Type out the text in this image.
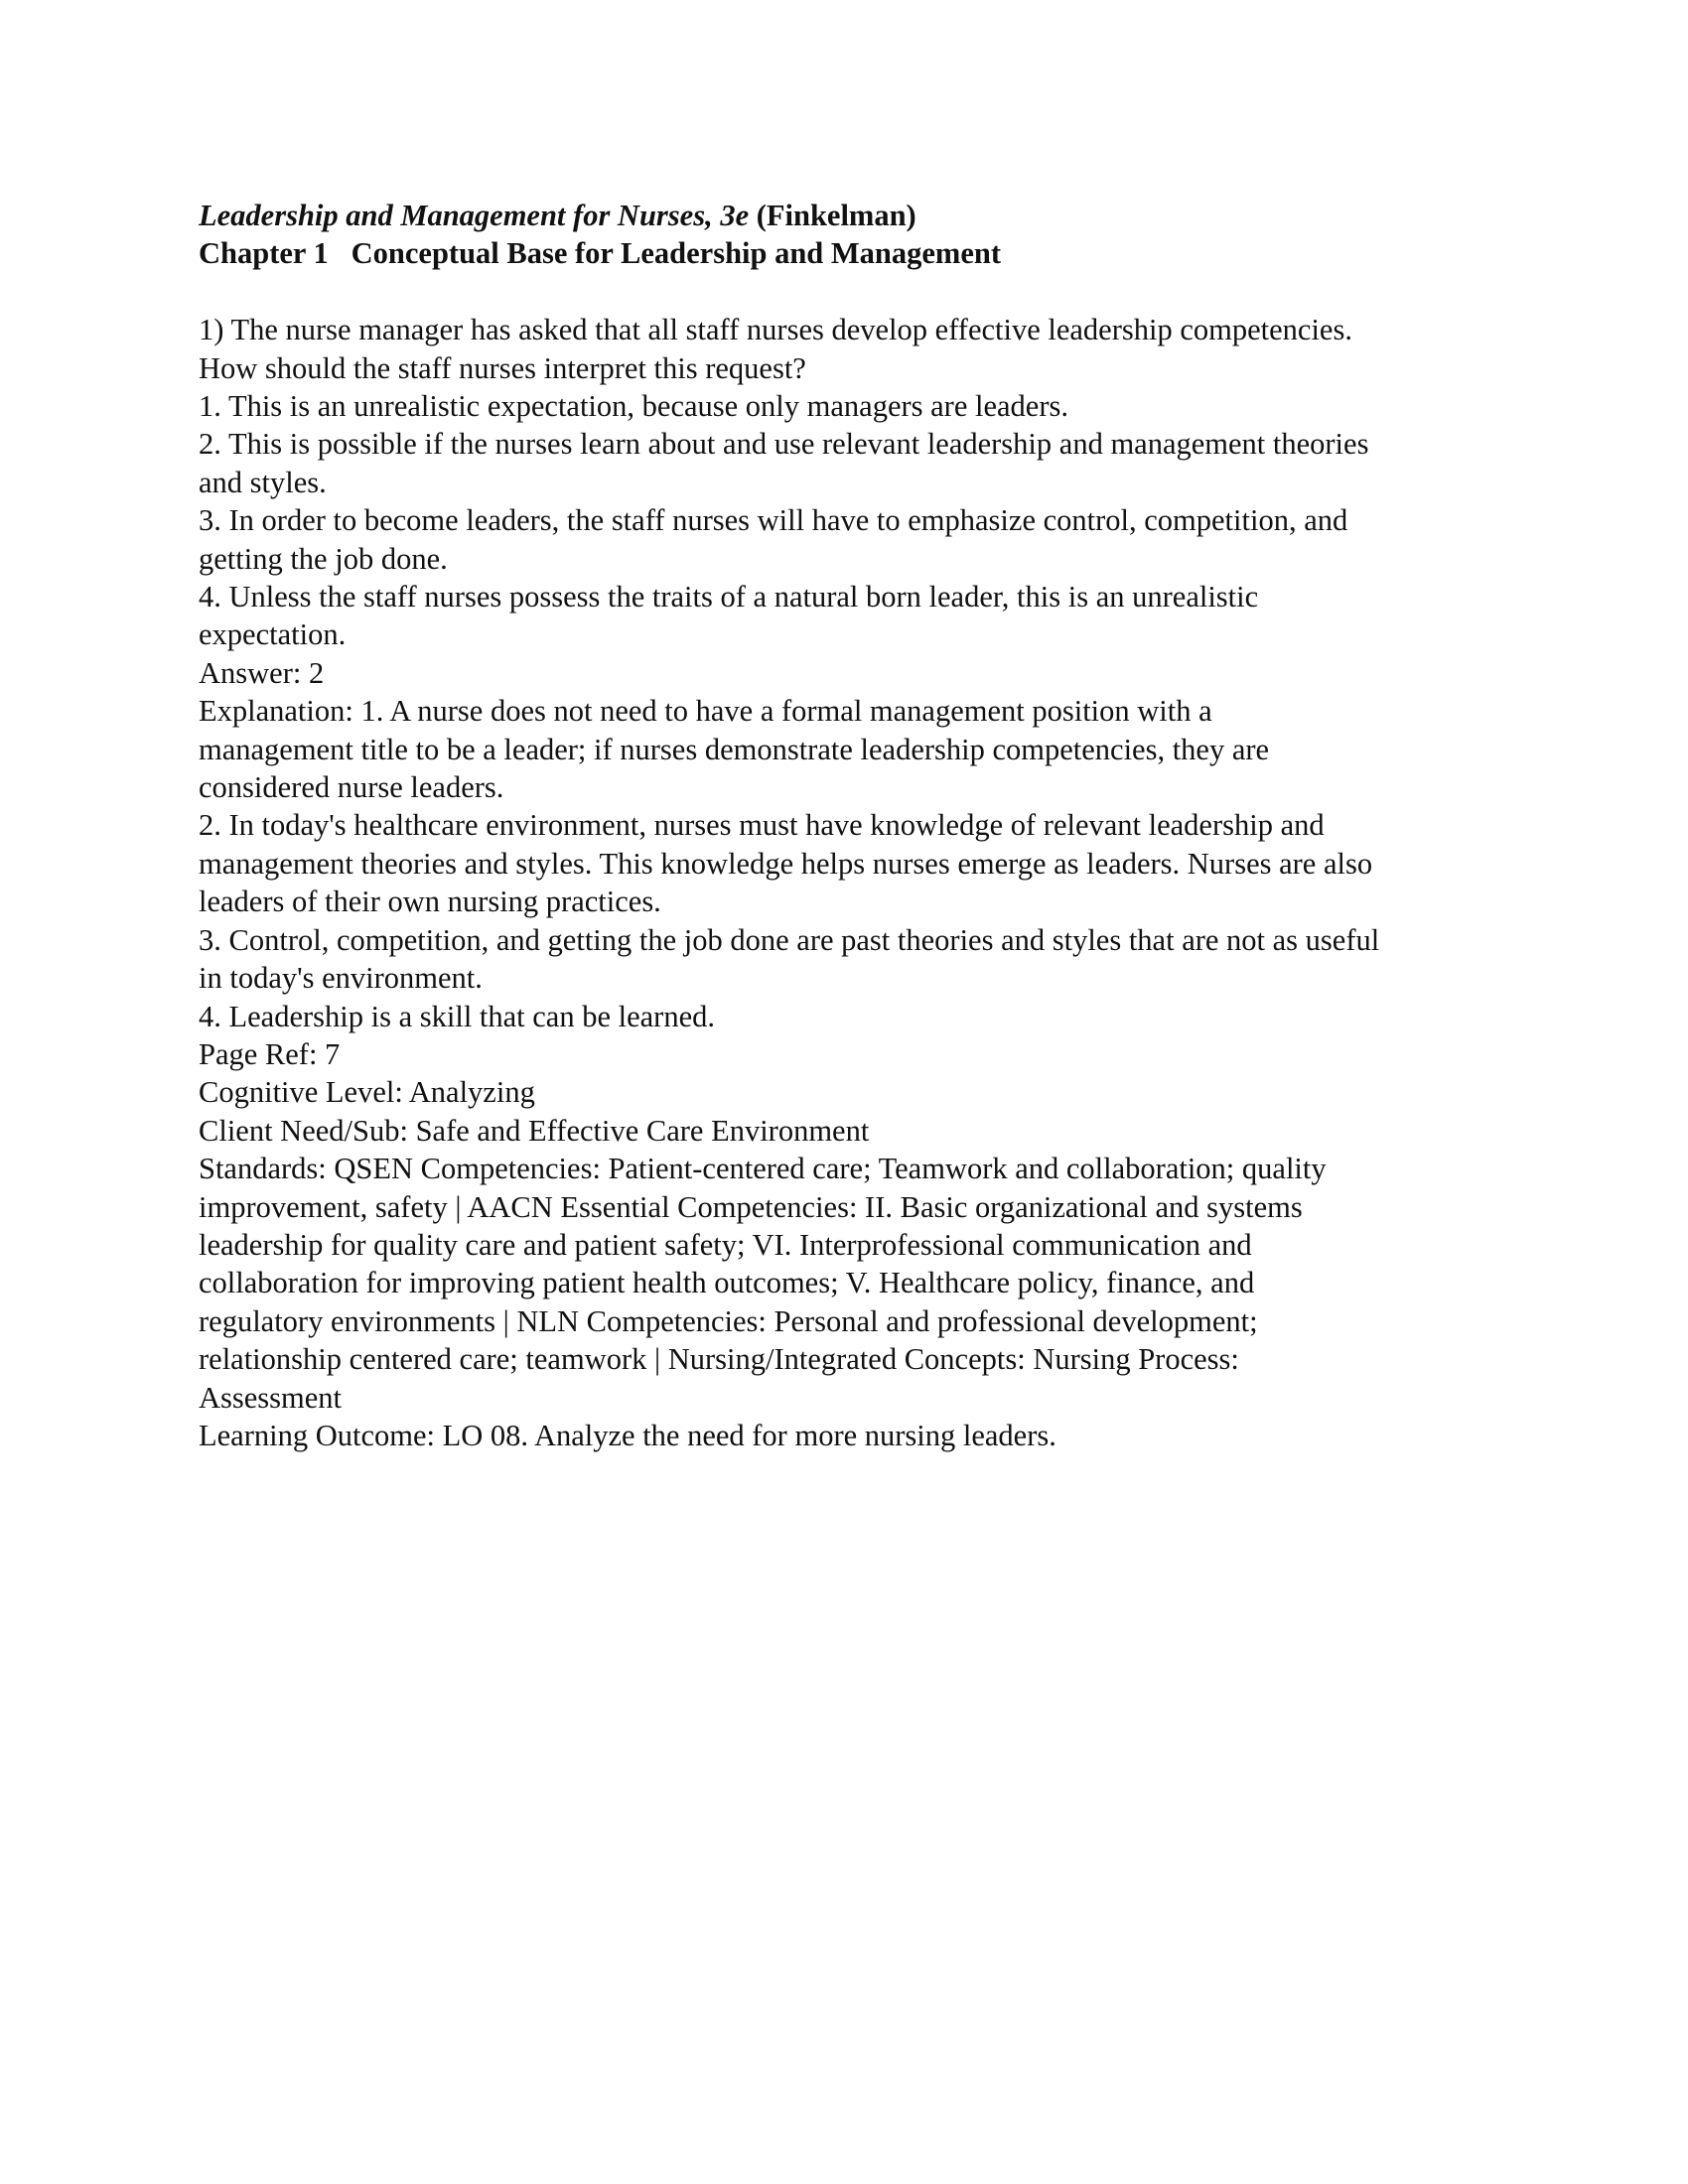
Leadership and Management for Nurses, 3e (Finkelman)
Chapter 1 Conceptual Base for Leadership and Management
1) The nurse manager has asked that all staff nurses develop effective leadership competencies.
How should the staff nurses interpret this request?
1. This is an unrealistic expectation, because only managers are leaders.
2. This is possible if the nurses learn about and use relevant leadership and management theories
and styles.
3. In order to become leaders, the staff nurses will have to emphasize control, competition, and
getting the job done.
4. Unless the staff nurses possess the traits of a natural born leader, this is an unrealistic
expectation.
Answer: 2
Explanation: 1. A nurse does not need to have a formal management position with a
management title to be a leader; if nurses demonstrate leadership competencies, they are
considered nurse leaders.
2. In today's healthcare environment, nurses must have knowledge of relevant leadership and
management theories and styles. This knowledge helps nurses emerge as leaders. Nurses are also
leaders of their own nursing practices.
3. Control, competition, and getting the job done are past theories and styles that are not as useful
in today's environment.
4. Leadership is a skill that can be learned.
Page Ref: 7
Cognitive Level: Analyzing
Client Need/Sub: Safe and Effective Care Environment
Standards: QSEN Competencies: Patient-centered care; Teamwork and collaboration; quality
improvement, safety | AACN Essential Competencies: II. Basic organizational and systems
leadership for quality care and patient safety; VI. Interprofessional communication and
collaboration for improving patient health outcomes; V. Healthcare policy, finance, and
regulatory environments | NLN Competencies: Personal and professional development;
relationship centered care; teamwork | Nursing/Integrated Concepts: Nursing Process:
Assessment
Learning Outcome: LO 08. Analyze the need for more nursing leaders.
